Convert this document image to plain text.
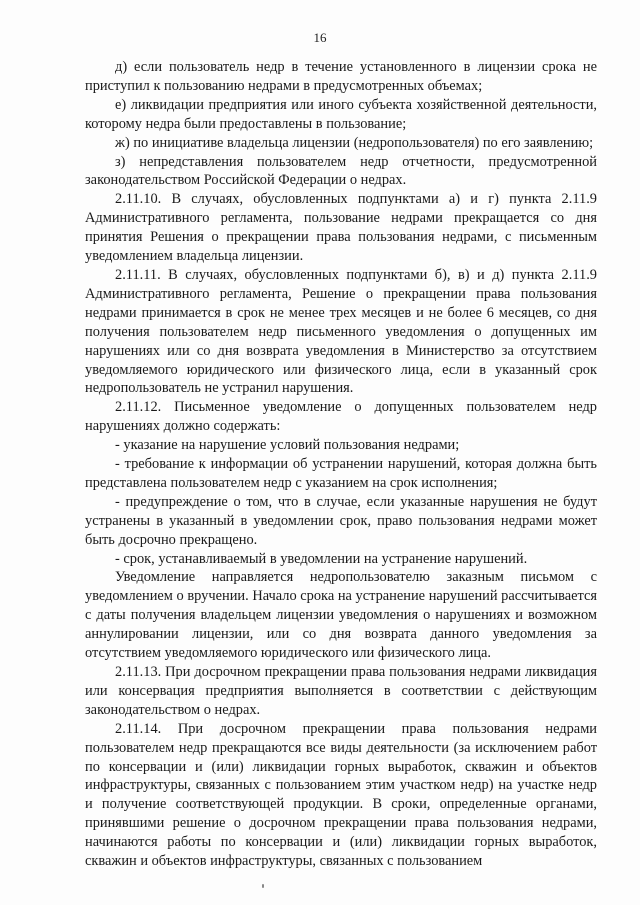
16

д) если пользователь недр в течение установленного в лицензии срока не приступил к пользованию недрами в предусмотренных объемах;

е) ликвидации предприятия или иного субъекта хозяйственной деятельности, которому недра были предоставлены в пользование;

ж) по инициативе владельца лицензии (недропользователя) по его заявлению;

з) непредставления пользователем недр отчетности, предусмотренной законодательством Российской Федерации о недрах.

2.11.10. В случаях, обусловленных подпунктами а) и г) пункта 2.11.9 Административного регламента, пользование недрами прекращается со дня принятия Решения о прекращении права пользования недрами, с письменным уведомлением владельца лицензии.

2.11.11. В случаях, обусловленных подпунктами б), в) и д) пункта 2.11.9 Административного регламента, Решение о прекращении права пользования недрами принимается в срок не менее трех месяцев и не более 6 месяцев, со дня получения пользователем недр письменного уведомления о допущенных им нарушениях или со дня возврата уведомления в Министерство за отсутствием уведомляемого юридического или физического лица, если в указанный срок недропользователь не устранил нарушения.

2.11.12. Письменное уведомление о допущенных пользователем недр нарушениях должно содержать:

- указание на нарушение условий пользования недрами;

- требование к информации об устранении нарушений, которая должна быть представлена пользователем недр с указанием на срок исполнения;

- предупреждение о том, что в случае, если указанные нарушения не будут устранены в указанный в уведомлении срок, право пользования недрами может быть досрочно прекращено.

- срок, устанавливаемый в уведомлении на устранение нарушений.

Уведомление направляется недропользователю заказным письмом с уведомлением о вручении. Начало срока на устранение нарушений рассчитывается с даты получения владельцем лицензии уведомления о нарушениях и возможном аннулировании лицензии, или со дня возврата данного уведомления за отсутствием уведомляемого юридического или физического лица.

2.11.13. При досрочном прекращении права пользования недрами ликвидация или консервация предприятия выполняется в соответствии с действующим законодательством о недрах.

2.11.14. При досрочном прекращении права пользования недрами пользователем недр прекращаются все виды деятельности (за исключением работ по консервации и (или) ликвидации горных выработок, скважин и объектов инфраструктуры, связанных с пользованием этим участком недр) на участке недр и получение соответствующей продукции. В сроки, определенные органами, принявшими решение о досрочном прекращении права пользования недрами, начинаются работы по консервации и (или) ликвидации горных выработок, скважин и объектов инфраструктуры, связанных с пользованием
